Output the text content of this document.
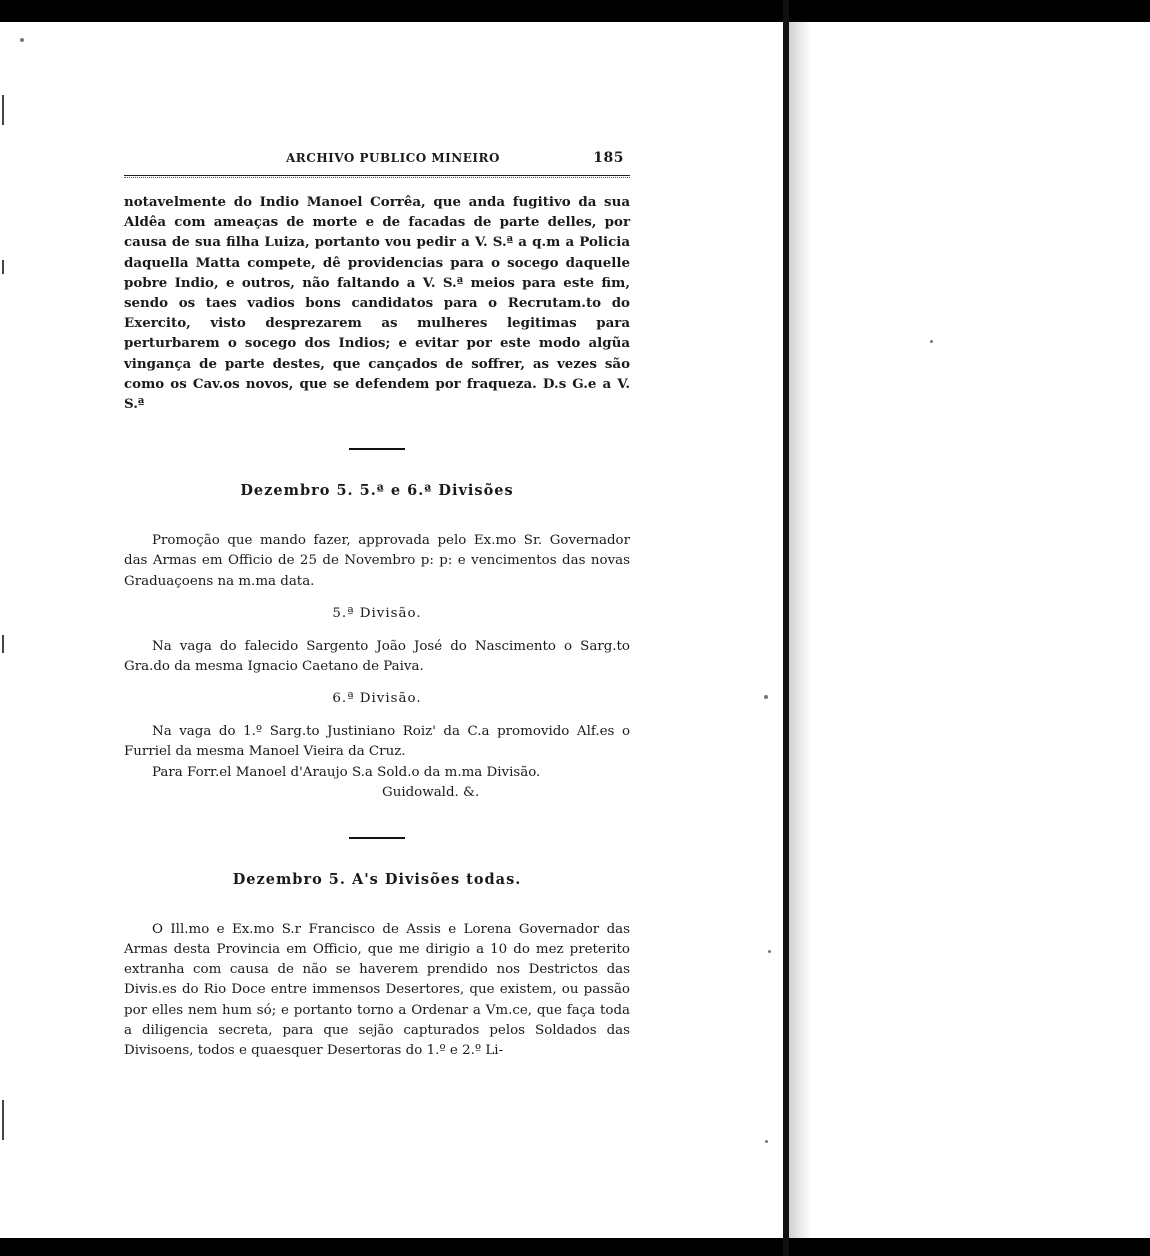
ARCHIVO PUBLICO MINEIRO	185

notavelmente do Indio Manoel Corrêa, que anda fugitivo da sua Aldêa com ameaças de morte e de facadas de parte delles, por causa de sua filha Luiza, portanto vou pedir a V. S.ª a q.m a Policia daquella Matta compete, dê providencias para o socego daquelle pobre Indio, e outros, não faltando a V. S.ª meios para este fim, sendo os taes vadios bons candidatos para o Recrutam.to do Exercito, visto desprezarem as mulheres legitimas para perturbarem o socego dos Indios; e evitar por este modo algũa vingança de parte destes, que cançados de soffrer, as vezes são como os Cav.os novos, que se defendem por fraqueza. D.s G.e a V. S.ª

Dezembro 5. 5.ª e 6.ª Divisões

Promoção que mando fazer, approvada pelo Ex.mo Sr. Governador das Armas em Officio de 25 de Novembro p: p: e vencimentos das novas Graduaçoens na m.ma data.

5.ª Divisão.

Na vaga do falecido Sargento João José do Nascimento o Sarg.to Gra.do da mesma Ignacio Caetano de Paiva.

6.ª Divisão.

Na vaga do 1.º Sarg.to Justiniano Roiz' da C.a promovido Alf.es o Furriel da mesma Manoel Vieira da Cruz.

Para Forr.el Manoel d'Araujo S.a Sold.o da m.ma Divisão.

Guidowald. &.
Dezembro 5. A's Divisões todas.

O Ill.mo e Ex.mo S.r Francisco de Assis e Lorena Governador das Armas desta Provincia em Officio, que me dirigio a 10 do mez preterito extranha com causa de não se haverem prendido nos Destrictos das Divis.es do Rio Doce entre immensos Desertores, que existem, ou passão por elles nem hum só; e portanto torno a Ordenar a Vm.ce, que faça toda a diligencia secreta, para que sejão capturados pelos Soldados das Divisoens, todos e quaesquer Desertoras do 1.º e 2.º Li-
